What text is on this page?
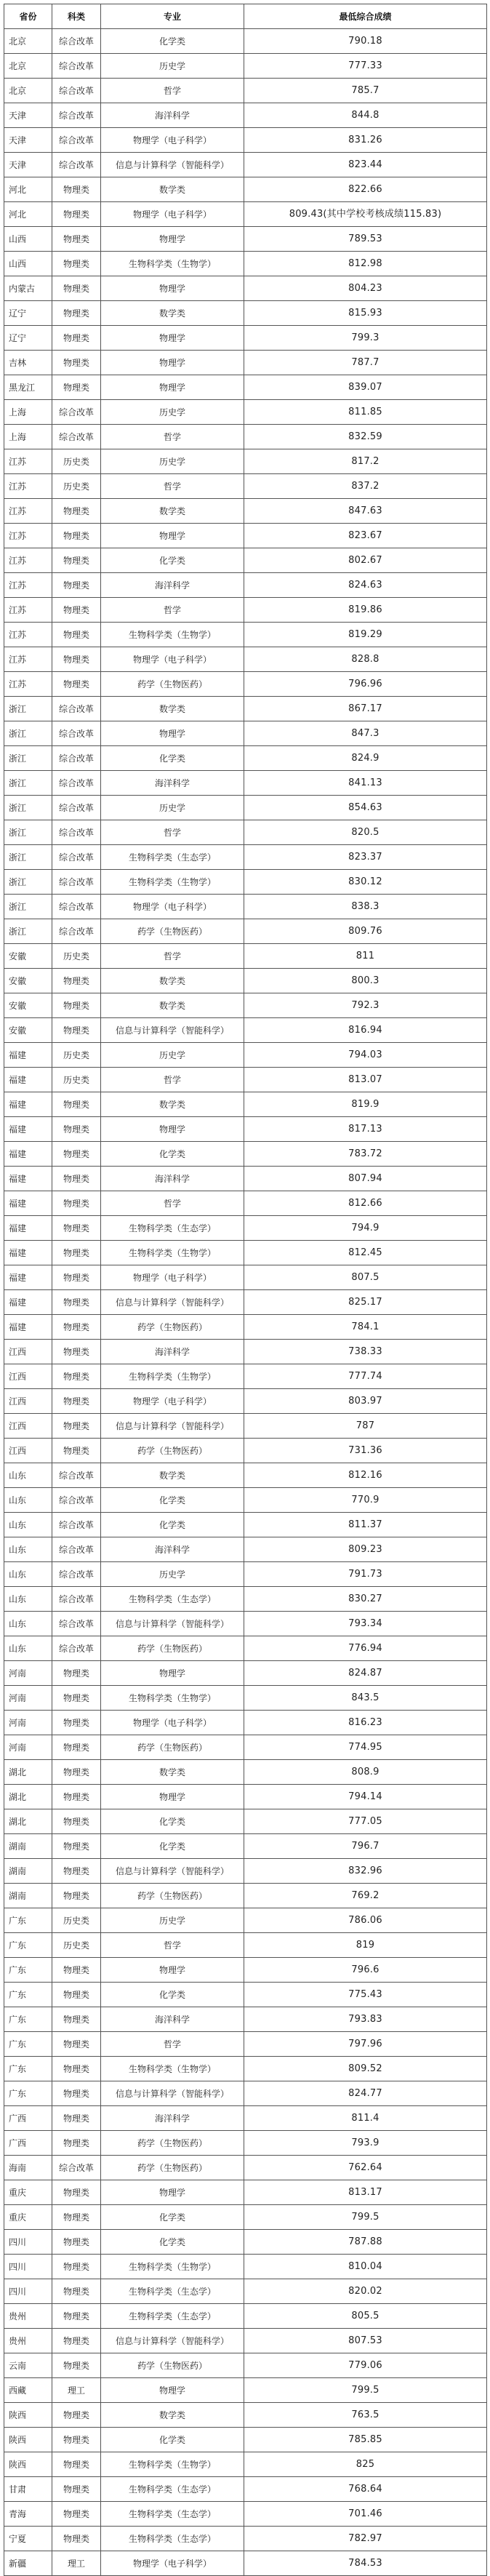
省份	科类	专业	最低综合成绩
北京	综合改革	化学类	790.18
北京	综合改革	历史学	777.33
北京	综合改革	哲学	785.7
天津	综合改革	海洋科学	844.8
天津	综合改革	物理学（电子科学）	831.26
天津	综合改革	信息与计算科学（智能科学）	823.44
河北	物理类	数学类	822.66
河北	物理类	物理学（电子科学）	809.43(其中学校考核成绩115.83)
山西	物理类	物理学	789.53
山西	物理类	生物科学类（生物学）	812.98
内蒙古	物理类	物理学	804.23
辽宁	物理类	数学类	815.93
辽宁	物理类	物理学	799.3
吉林	物理类	物理学	787.7
黑龙江	物理类	物理学	839.07
上海	综合改革	历史学	811.85
上海	综合改革	哲学	832.59
江苏	历史类	历史学	817.2
江苏	历史类	哲学	837.2
江苏	物理类	数学类	847.63
江苏	物理类	物理学	823.67
江苏	物理类	化学类	802.67
江苏	物理类	海洋科学	824.63
江苏	物理类	哲学	819.86
江苏	物理类	生物科学类（生物学）	819.29
江苏	物理类	物理学（电子科学）	828.8
江苏	物理类	药学（生物医药）	796.96
浙江	综合改革	数学类	867.17
浙江	综合改革	物理学	847.3
浙江	综合改革	化学类	824.9
浙江	综合改革	海洋科学	841.13
浙江	综合改革	历史学	854.63
浙江	综合改革	哲学	820.5
浙江	综合改革	生物科学类（生态学）	823.37
浙江	综合改革	生物科学类（生物学）	830.12
浙江	综合改革	物理学（电子科学）	838.3
浙江	综合改革	药学（生物医药）	809.76
安徽	历史类	哲学	811
安徽	物理类	数学类	800.3
安徽	物理类	数学类	792.3
安徽	物理类	信息与计算科学（智能科学）	816.94
福建	历史类	历史学	794.03
福建	历史类	哲学	813.07
福建	物理类	数学类	819.9
福建	物理类	物理学	817.13
福建	物理类	化学类	783.72
福建	物理类	海洋科学	807.94
福建	物理类	哲学	812.66
福建	物理类	生物科学类（生态学）	794.9
福建	物理类	生物科学类（生物学）	812.45
福建	物理类	物理学（电子科学）	807.5
福建	物理类	信息与计算科学（智能科学）	825.17
福建	物理类	药学（生物医药）	784.1
江西	物理类	海洋科学	738.33
江西	物理类	生物科学类（生物学）	777.74
江西	物理类	物理学（电子科学）	803.97
江西	物理类	信息与计算科学（智能科学）	787
江西	物理类	药学（生物医药）	731.36
山东	综合改革	数学类	812.16
山东	综合改革	化学类	770.9
山东	综合改革	化学类	811.37
山东	综合改革	海洋科学	809.23
山东	综合改革	历史学	791.73
山东	综合改革	生物科学类（生态学）	830.27
山东	综合改革	信息与计算科学（智能科学）	793.34
山东	综合改革	药学（生物医药）	776.94
河南	物理类	物理学	824.87
河南	物理类	生物科学类（生物学）	843.5
河南	物理类	物理学（电子科学）	816.23
河南	物理类	药学（生物医药）	774.95
湖北	物理类	数学类	808.9
湖北	物理类	物理学	794.14
湖北	物理类	化学类	777.05
湖南	物理类	化学类	796.7
湖南	物理类	信息与计算科学（智能科学）	832.96
湖南	物理类	药学（生物医药）	769.2
广东	历史类	历史学	786.06
广东	历史类	哲学	819
广东	物理类	物理学	796.6
广东	物理类	化学类	775.43
广东	物理类	海洋科学	793.83
广东	物理类	哲学	797.96
广东	物理类	生物科学类（生物学）	809.52
广东	物理类	信息与计算科学（智能科学）	824.77
广西	物理类	海洋科学	811.4
广西	物理类	药学（生物医药）	793.9
海南	综合改革	药学（生物医药）	762.64
重庆	物理类	物理学	813.17
重庆	物理类	化学类	799.5
四川	物理类	化学类	787.88
四川	物理类	生物科学类（生物学）	810.04
四川	物理类	生物科学类（生态学）	820.02
贵州	物理类	生物科学类（生态学）	805.5
贵州	物理类	信息与计算科学（智能科学）	807.53
云南	物理类	药学（生物医药）	779.06
西藏	理工	物理学	799.5
陕西	物理类	数学类	763.5
陕西	物理类	化学类	785.85
陕西	物理类	生物科学类（生物学）	825
甘肃	物理类	生物科学类（生态学）	768.64
青海	物理类	生物科学类（生态学）	701.46
宁夏	物理类	生物科学类（生态学）	782.97
新疆	理工	物理学（电子科学）	784.53
